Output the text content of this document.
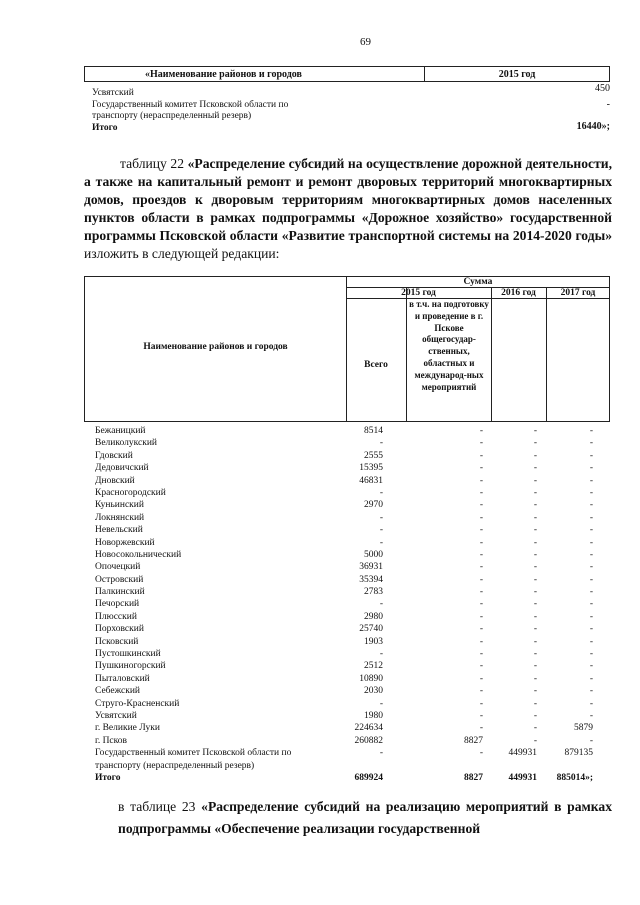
69
«Наименование районов и городов	2015 год
Усвятский	450
Государственный комитет Псковской области по	-
транспорту (нераспределенный резерв)
Итого	16440»;
таблицу 22 «Распределение субсидий на осуществление дорожной деятельности, а также на капитальный ремонт и ремонт дворовых территорий многоквартирных домов, проездов к дворовым территориям многоквартирных домов населенных пунктов области в рамках подпрограммы «Дорожное хозяйство» государственной программы Псковской области «Развитие транспортной системы на 2014-2020 годы» изложить в следующей редакции:
Наименование районов и городов
Сумма
2015 год	2016 год	2017 год
Всего
в т.ч. на подготовку и проведение в г. Пскове общегосудар-ственных, областных и международ-ных мероприятий
Бежаницкий	8514	-	-	-
Великолукский	-	-	-	-
Гдовский	2555	-	-	-
Дедовичский	15395	-	-	-
Дновский	46831	-	-	-
Красногородский	-	-	-	-
Куньинский	2970	-	-	-
Локнянский	-	-	-	-
Невельский	-	-	-	-
Новоржевский	-	-	-	-
Новосокольнический	5000	-	-	-
Опочецкий	36931	-	-	-
Островский	35394	-	-	-
Палкинский	2783	-	-	-
Печорский	-	-	-	-
Плюсский	2980	-	-	-
Порховский	25740	-	-	-
Псковский	1903	-	-	-
Пустошкинский	-	-	-	-
Пушкиногорский	2512	-	-	-
Пыталовский	10890	-	-	-
Себежский	2030	-	-	-
Струго-Красненский	-	-	-	-
Усвятский	1980	-	-	-
г. Великие Луки	224634	-	-	5879
г. Псков	260882	8827	-	-
Государственный комитет Псковской области по	-	-	449931	879135
транспорту (нераспределенный резерв)
Итого	689924	8827	449931 885014»;
в таблице 23 «Распределение субсидий на реализацию мероприятий в рамках подпрограммы «Обеспечение реализации государственной
